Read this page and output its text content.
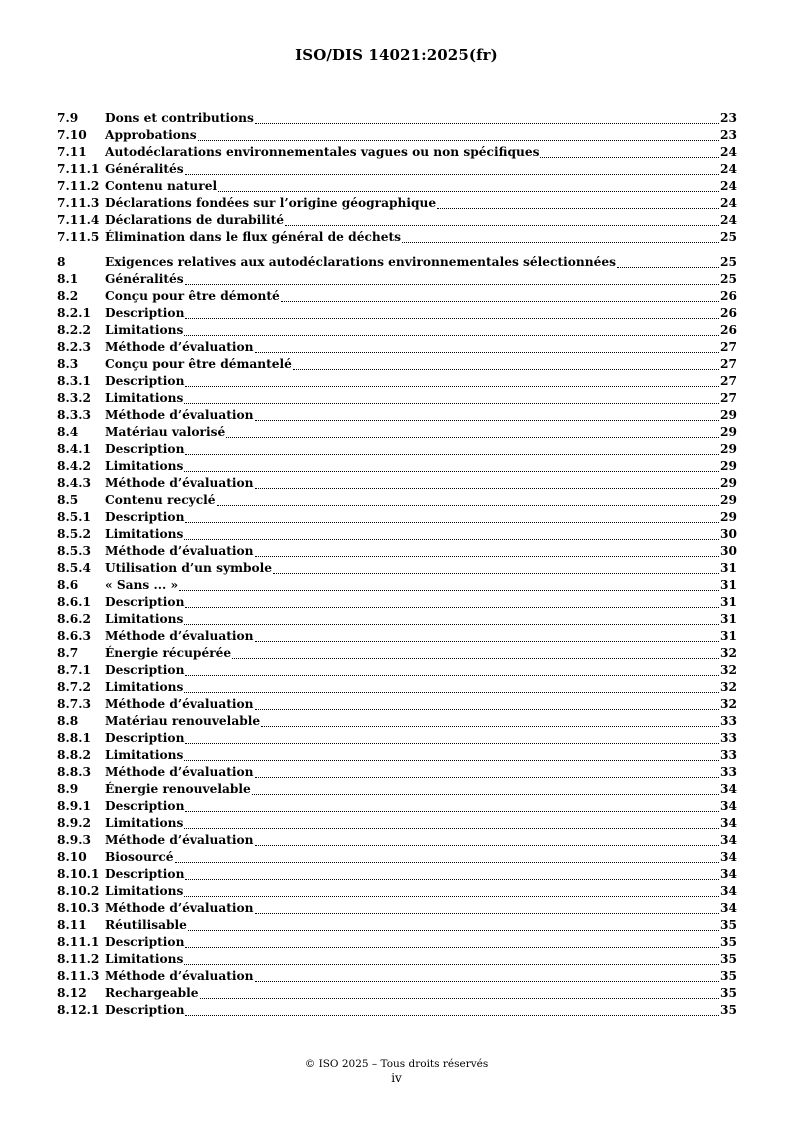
ISO/DIS 14021:2025(fr)
7.9	Dons et contributions	23
7.10	Approbations	23
7.11	Autodéclarations environnementales vagues ou non spécifiques	24
7.11.1 Généralités	24
7.11.2 Contenu naturel	24
7.11.3 Déclarations fondées sur l’origine géographique	24
7.11.4 Déclarations de durabilité	24
7.11.5 Élimination dans le flux général de déchets	25
8	Exigences relatives aux autodéclarations environnementales sélectionnées	25
8.1	Généralités	25
8.2	Conçu pour être démonté	26
8.2.1	Description	26
8.2.2	Limitations	26
8.2.3	Méthode d’évaluation	27
8.3	Conçu pour être démantelé	27
8.3.1	Description	27
8.3.2	Limitations	27
8.3.3	Méthode d’évaluation	29
8.4	Matériau valorisé	29
8.4.1	Description	29
8.4.2	Limitations	29
8.4.3	Méthode d’évaluation	29
8.5	Contenu recyclé	29
8.5.1	Description	29
8.5.2	Limitations	30
8.5.3	Méthode d’évaluation	30
8.5.4	Utilisation d’un symbole	31
8.6	« Sans ... »	31
8.6.1	Description	31
8.6.2	Limitations	31
8.6.3	Méthode d’évaluation	31
8.7	Énergie récupérée	32
8.7.1	Description	32
8.7.2	Limitations	32
8.7.3	Méthode d’évaluation	32
8.8	Matériau renouvelable	33
8.8.1	Description	33
8.8.2	Limitations	33
8.8.3	Méthode d’évaluation	33
8.9	Énergie renouvelable	34
8.9.1	Description	34
8.9.2	Limitations	34
8.9.3	Méthode d’évaluation	34
8.10	Biosourcé	34
8.10.1 Description	34
8.10.2 Limitations	34
8.10.3 Méthode d’évaluation	34
8.11	Réutilisable	35
8.11.1 Description	35
8.11.2 Limitations	35
8.11.3 Méthode d’évaluation	35
8.12	Rechargeable	35
8.12.1 Description	35
© ISO 2025 – Tous droits réservés
iv
